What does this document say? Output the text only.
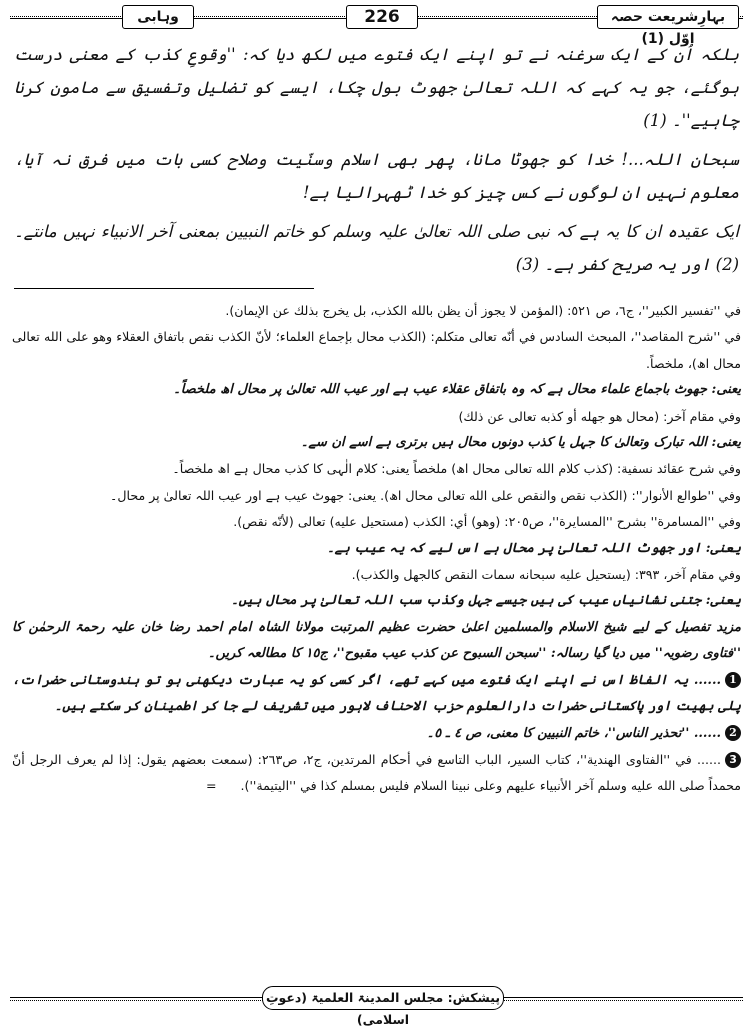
بہارِشریعت حصہ اوّل (1)
226
وہابی

بلکہ اُن کے ایک سرغنہ نے تو اپنے ایک فتوے میں لکھ دیا کہ: ''وقوعِ کذب کے معنی درست ہوگئے، جو یہ کہے کہ اللہ تعالیٰ جھوٹ بول چکا، ایسے کو تضلیل وتفسیق سے مامون کرنا چاہیے''۔ (1)

سبحان اللہ...! خدا کو جھوٹا مانا، پھر بھی اسلام وسنّیت وصلاح کسی بات میں فرق نہ آیا، معلوم نہیں ان لوگوں نے کس چیز کو خدا ٹھہرالیا ہے!

ایک عقیدہ ان کا یہ ہے کہ نبی صلی اللہ تعالیٰ علیہ وسلم کو خاتم النبیین بمعنی آخر الانبیاء نہیں مانتے۔ (2) اور یہ صریح کفر ہے۔ (3)

في ''تفسير الكبير''، ج٦، ص ٥٢١: (المؤمن لا يجوز أن يظن بالله الكذب، بل يخرج بذلك عن الإيمان).

في ''شرح المقاصد''، المبحث السادس في أنّه تعالى متكلم: (الكذب محال بإجماع العلماء؛ لأنّ الكذب نقص باتفاق العقلاء وهو على الله تعالى محال اھ)، ملخصاً.

یعنی: جھوٹ باجماع علماء محال ہے کہ وہ باتفاق عقلاء عیب ہے اور عیب اللہ تعالیٰ پر محال اھ ملخصاً۔

وفي مقام آخر: (محال هو جهله أو كذبه تعالى عن ذلك)

یعنی: اللہ تبارک وتعالیٰ کا جہل یا کذب دونوں محال ہیں برتری ہے اسے ان سے۔

وفي شرح عقائد نسفية: (كذب كلام الله تعالى محال اھ) ملخصاً یعنی: کلام الٰہی کا کذب محال ہے اھ ملخصاً۔

وفي ''طوالع الأنوار'': (الكذب نقص والنقص على الله تعالى محال اھ). یعنی: جھوٹ عیب ہے اور عیب اللہ تعالیٰ پر محال۔

وفي ''المسامرة'' بشرح ''المسايرة''، ص٢٠٥: (وهو) أي: الكذب (مستحيل عليه) تعالى (لأنّه نقص).

یعنی: اور جھوٹ اللہ تعالیٰ پر محال ہے اس لیے کہ یہ عیب ہے۔

وفي مقام آخر، ٣٩٣: (يستحيل عليه سبحانه سمات النقص كالجهل والكذب).

یعنی: جتنی نشانیاں عیب کی ہیں جیسے جہل وکذب سب اللہ تعالیٰ پر محال ہیں۔

مزید تفصیل کے لیے شیخ الاسلام والمسلمین اعلیٰ حضرت عظیم المرتبت مولانا الشاہ امام احمد رضا خان علیہ رحمۃ الرحمٰن کا ''فتاوی رضویہ'' میں دیا گیا رسالہ: ''سبحن السبوح عن كذب عيب مقبوح''، ج١٥ کا مطالعہ کریں۔

1...... یہ الفاظ اس نے اپنے ایک فتوے میں کہے تھے، اگر کسی کو یہ عبارت دیکھنی ہو تو ہندوستانی حضرات، پلی بھیت اور پاکستانی حضرات دارالعلوم حزب الاحناف لاہور میں تشریف لے جا کر اطمینان کر سکتے ہیں۔

2...... ''تحذیر الناس''، خاتم النبیین کا معنی، ص ٤ ـ ٥۔

3...... في ''الفتاوى الهندية''، كتاب السير، الباب التاسع في أحكام المرتدين، ج٢، ص٢٦٣: (سمعت بعضهم يقول: إذا لم يعرف الرجل أنّ محمداً صلى الله عليه وسلم آخر الأنبياء عليهم وعلى نبينا السلام فليس بمسلم كذا في ''اليتيمة''). =

پیشکش: مجلس المدینۃ العلمیۃ (دعوتِ اسلامی)
